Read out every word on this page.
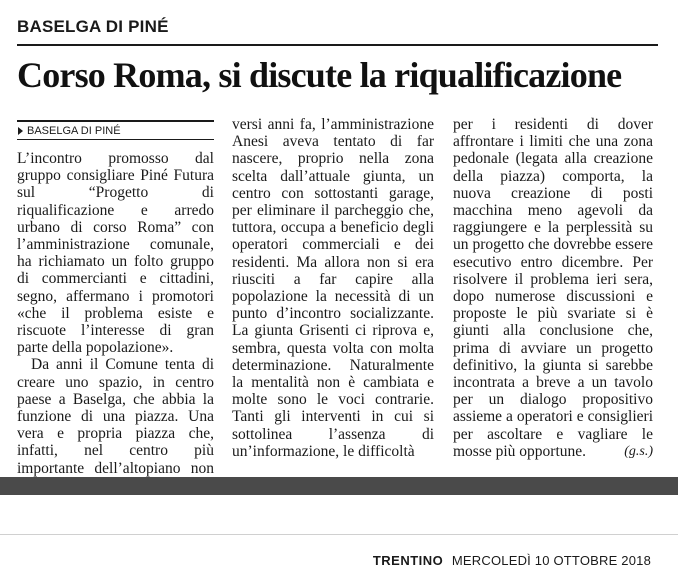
BASELGA DI PINÉ
Corso Roma, si discute la riqualificazione
BASELGA DI PINÉ

L’incontro promosso dal gruppo consigliare Piné Futura sul “Progetto di riqualificazione e arredo urbano di corso Roma” con l’amministrazione comunale, ha richiamato un folto gruppo di commercianti e cittadini, segno, affermano i promotori «che il problema esiste e riscuote l’interesse di gran parte della popolazione».

Da anni il Comune tenta di creare uno spazio, in centro paese a Baselga, che abbia la funzione di una piazza. Una vera e propria piazza che, infatti, nel centro più importante dell’altopiano non

versi anni fa, l’amministrazione Anesi aveva tentato di far nascere, proprio nella zona scelta dall’attuale giunta, un centro con sottostanti garage, per eliminare il parcheggio che, tuttora, occupa a beneficio degli operatori commerciali e dei residenti. Ma allora non si era riusciti a far capire alla popolazione la necessità di un punto d’incontro socializzante. La giunta Grisenti ci riprova e, sembra, questa volta con molta determinazione. Naturalmente la mentalità non è cambiata e molte sono le voci contrarie. Tanti gli interventi in cui si sottolinea l’assenza di un’informazione, le difficoltà

per i residenti di dover affrontare i limiti che una zona pedonale (legata alla creazione della piazza) comporta, la nuova creazione di posti macchina meno agevoli da raggiungere e la perplessità su un progetto che dovrebbe essere esecutivo entro dicembre. Per risolvere il problema ieri sera, dopo numerose discussioni e proposte le più svariate si è giunti alla conclusione che, prima di avviare un progetto definitivo, la giunta si sarebbe incontrata a breve a un tavolo per un dialogo propositivo assieme a operatori e consiglieri per ascoltare e vagliare le mosse più opportune.	(g.s.)
TRENTINO MERCOLEDÌ 10 OTTOBRE 2018
